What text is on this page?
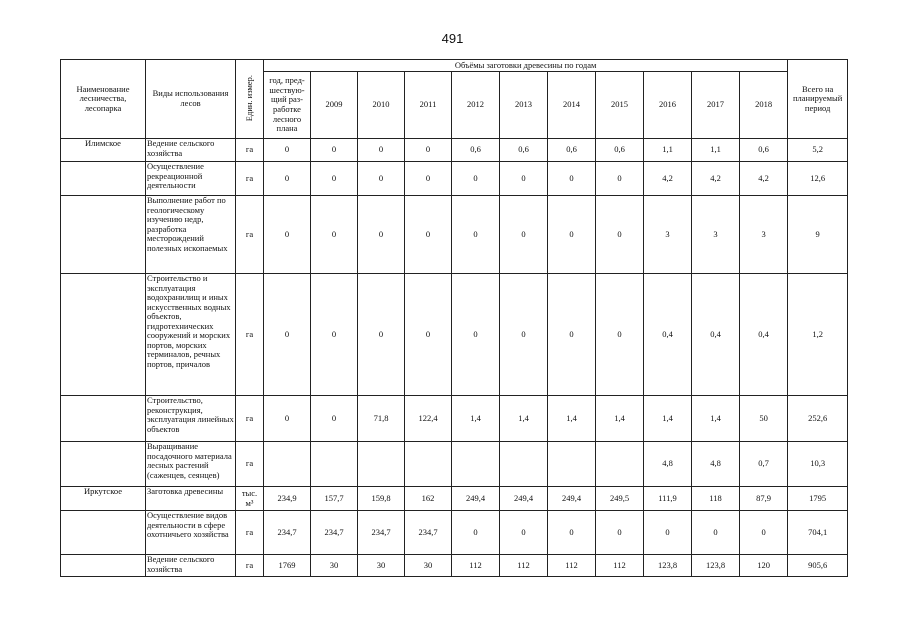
491
Наименование лесничества, лесопарка	Виды использования лесов	Един. измер.	Объёмы заготовки древесины по годам											Всего на планируемый период
			год, пред-шествую-щий раз-работке лесного плана	2009	2010	2011	2012	2013	2014	2015	2016	2017	2018	
Илимское	Ведение сельского хозяйства	га	0	0	0	0	0,6	0,6	0,6	0,6	1,1	1,1	0,6	5,2
	Осуществление рекреационной деятельности	га	0	0	0	0	0	0	0	0	4,2	4,2	4,2	12,6
	Выполнение работ по геологическому изучению недр, разработка месторождений полезных ископаемых	га	0	0	0	0	0	0	0	0	3	3	3	9
	Строительство и эксплуатация водохранилищ и иных искусственных водных объектов, гидротехнических сооружений и морских портов, морских терминалов, речных портов, причалов	га	0	0	0	0	0	0	0	0	0,4	0,4	0,4	1,2
	Строительство, реконструкция, эксплуатация линейных объектов	га	0	0	71,8	122,4	1,4	1,4	1,4	1,4	1,4	1,4	50	252,6
	Выращивание посадочного материала лесных растений (саженцев, сеянцев)	га									4,8	4,8	0,7	10,3
Иркутское	Заготовка древесины	тыс. м³	234,9	157,7	159,8	162	249,4	249,4	249,4	249,5	111,9	118	87,9	1795
	Осуществление видов деятельности в сфере охотничьего хозяйства	га	234,7	234,7	234,7	234,7	0	0	0	0	0	0	0	704,1
	Ведение сельского хозяйства	га	1769	30	30	30	112	112	112	112	123,8	123,8	120	905,6
